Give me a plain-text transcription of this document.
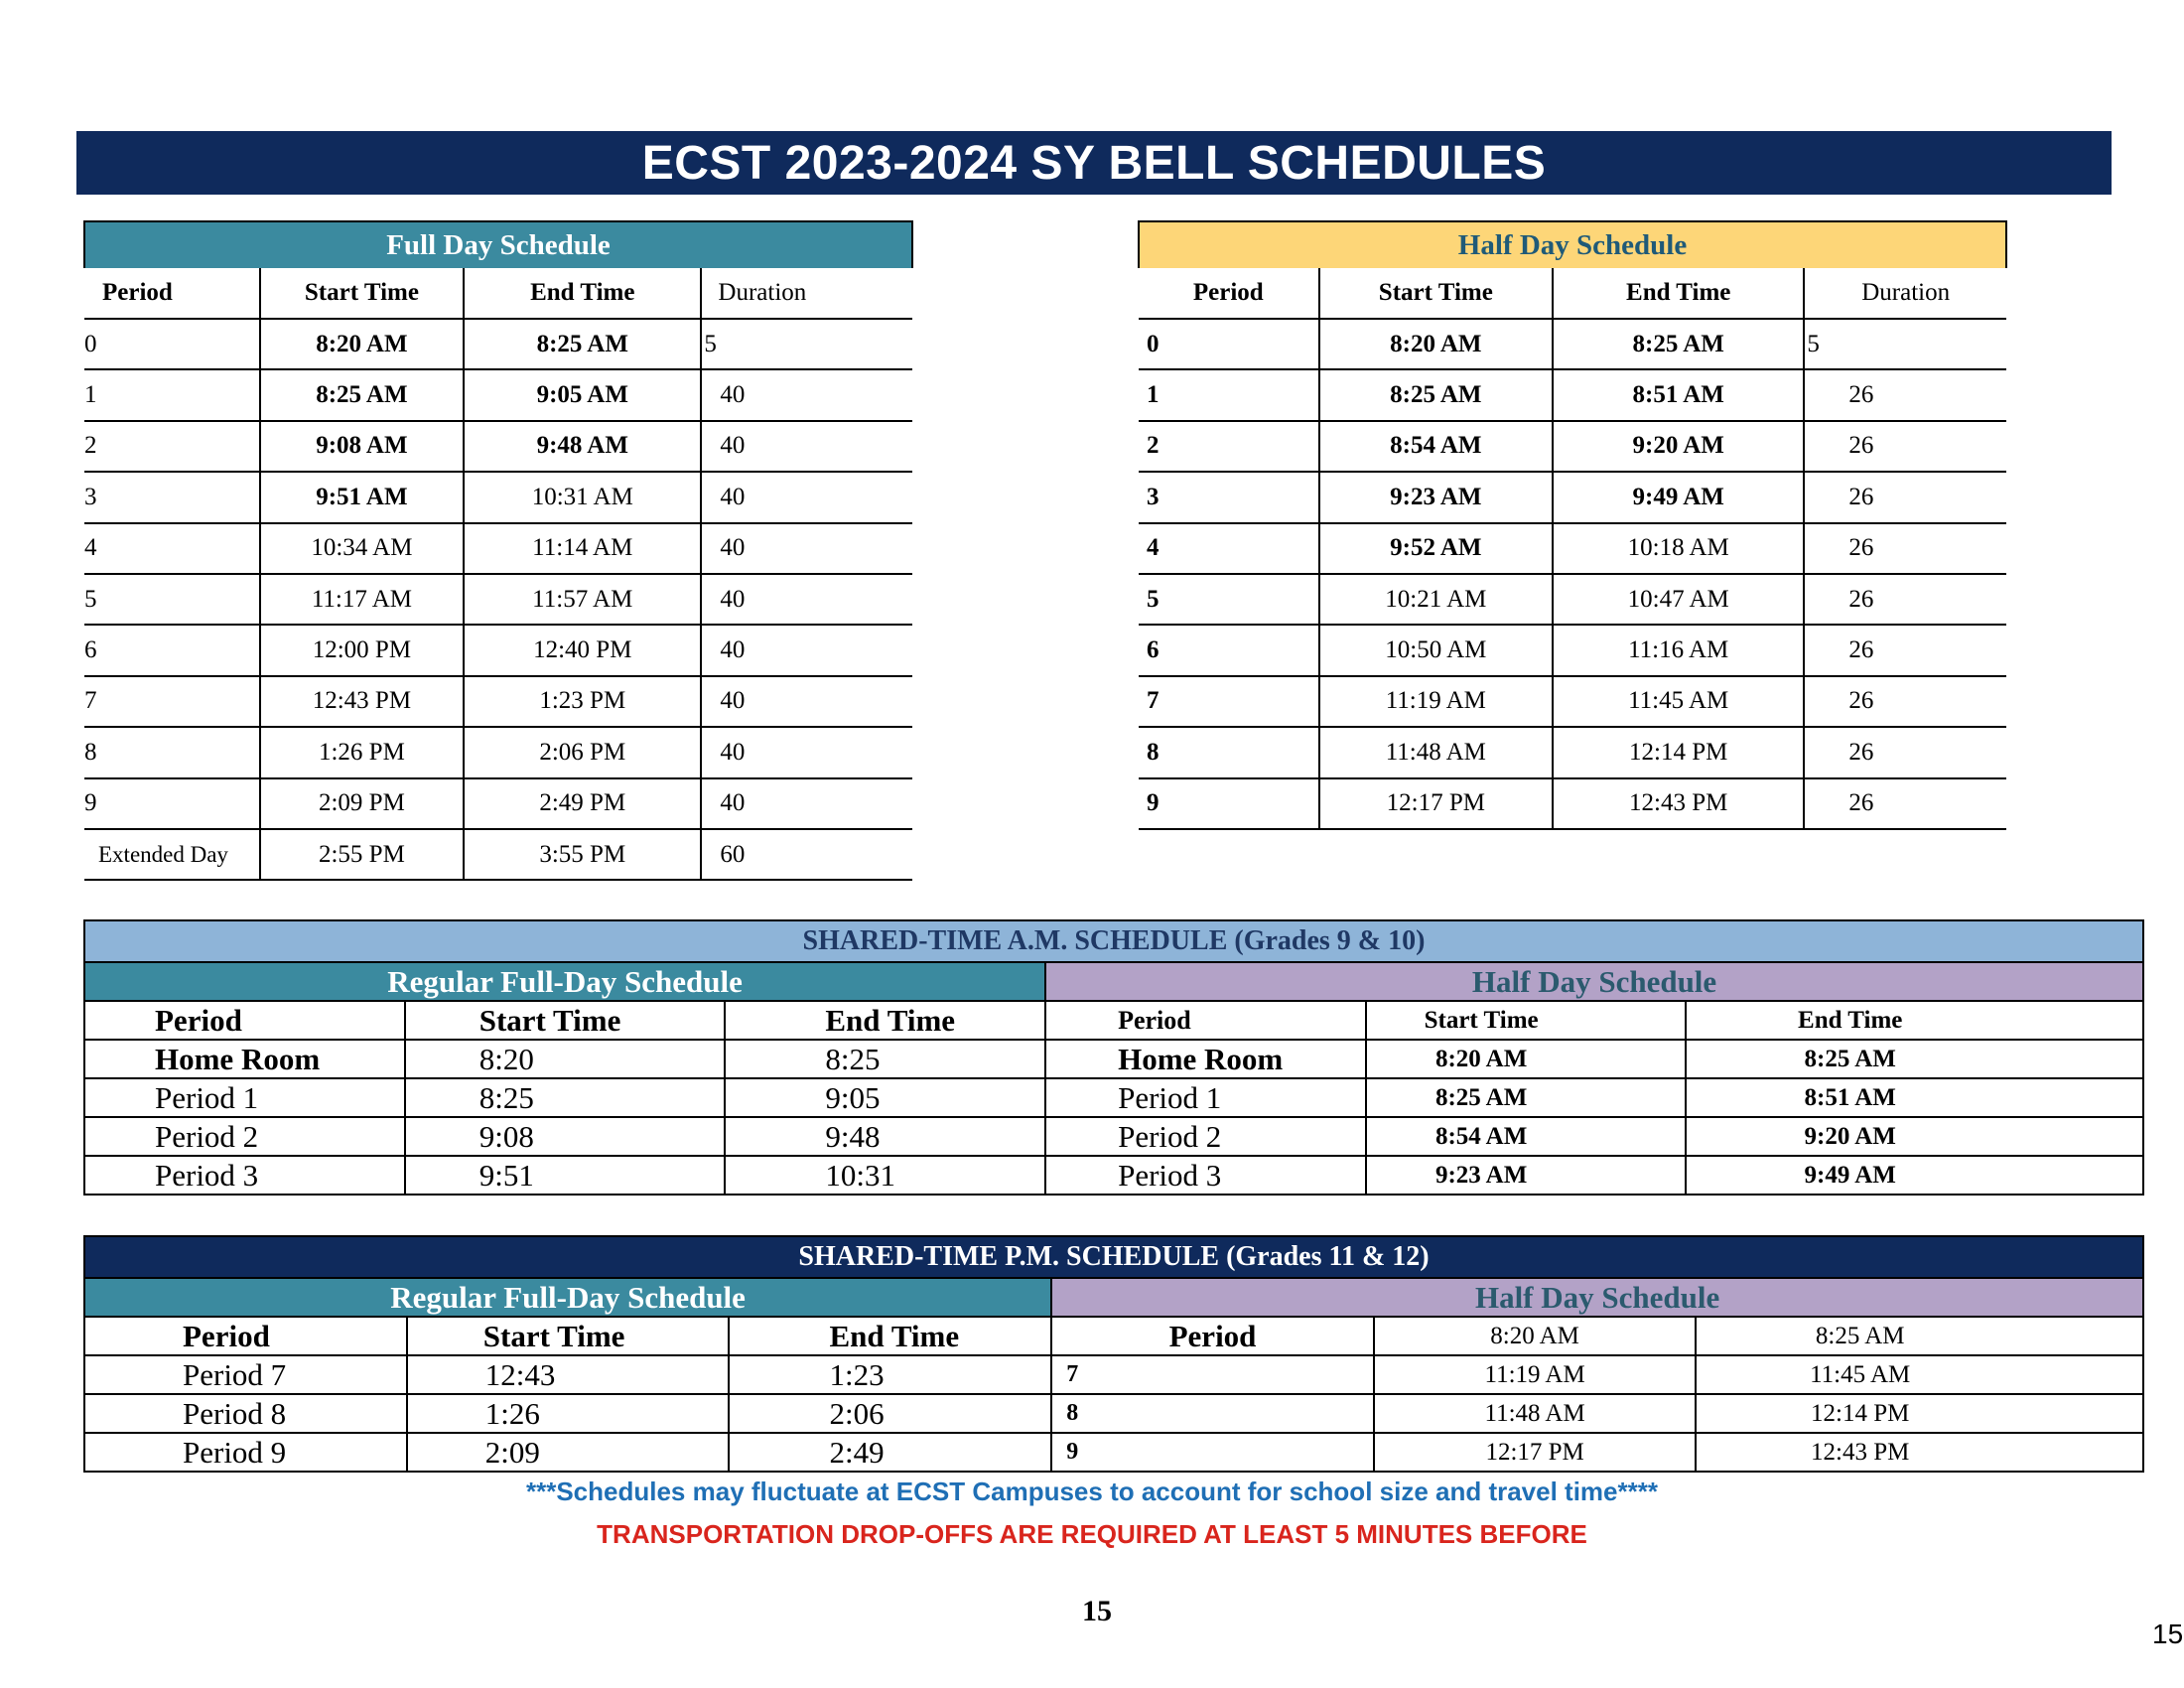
ECST 2023-2024 SY BELL SCHEDULES
Full Day Schedule			
Period	Start Time	End Time	Duration
0	8:20 AM	8:25 AM	5
1	8:25 AM	9:05 AM	40
2	9:08 AM	9:48 AM	40
3	9:51 AM	10:31 AM	40
4	10:34 AM	11:14 AM	40
5	11:17 AM	11:57 AM	40
6	12:00 PM	12:40 PM	40
7	12:43 PM	1:23 PM	40
8	1:26 PM	2:06 PM	40
9	2:09 PM	2:49 PM	40
Extended Day	2:55 PM	3:55 PM	60
Half Day Schedule			
Period	Start Time	End Time	Duration
0	8:20 AM	8:25 AM	5
1	8:25 AM	8:51 AM	26
2	8:54 AM	9:20 AM	26
3	9:23 AM	9:49 AM	26
4	9:52 AM	10:18 AM	26
5	10:21 AM	10:47 AM	26
6	10:50 AM	11:16 AM	26
7	11:19 AM	11:45 AM	26
8	11:48 AM	12:14 PM	26
9	12:17 PM	12:43 PM	26
SHARED-TIME A.M. SCHEDULE (Grades 9 & 10)					
Regular Full-Day Schedule			Half Day Schedule		
Period	Start Time	End Time	Period	Start Time	End Time
Home Room	8:20	8:25	Home Room	8:20 AM	8:25 AM
Period 1	8:25	9:05	Period 1	8:25 AM	8:51 AM
Period 2	9:08	9:48	Period 2	8:54 AM	9:20 AM
Period 3	9:51	10:31	Period 3	9:23 AM	9:49 AM
SHARED-TIME P.M. SCHEDULE (Grades 11 & 12)					
Regular Full-Day Schedule			Half Day Schedule		
Period	Start Time	End Time	Period	8:20 AM	8:25 AM
Period 7	12:43	1:23	7	11:19 AM	11:45 AM
Period 8	1:26	2:06	8	11:48 AM	12:14 PM
Period 9	2:09	2:49	9	12:17 PM	12:43 PM
***Schedules may fluctuate at ECST Campuses to account for school size and travel time****
TRANSPORTATION DROP-OFFS ARE REQUIRED AT LEAST 5 MINUTES BEFORE
15
15
